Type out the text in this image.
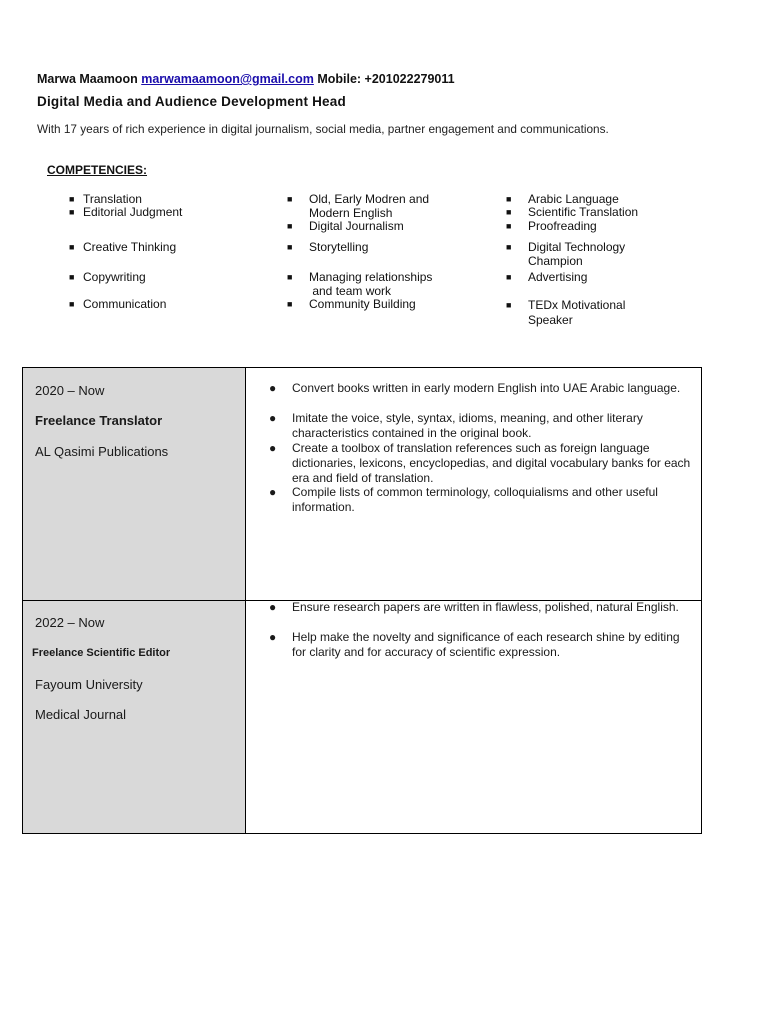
Marwa Maamoon marwamaamoon@gmail.com Mobile: +201022279011
Digital Media and Audience Development Head
With 17 years of rich experience in digital journalism, social media, partner engagement and communications.
COMPETENCIES:
■ Translation
■ Editorial Judgment
■ Creative Thinking
■ Copywriting
■ Communication
■ Old, Early Modren and
Modern English
■ Digital Journalism
■ Storytelling
■ Managing relationships
and team work
■ Community Building
■ Arabic Language
■ Scientific Translation
■ Proofreading
■ Digital Technology
Champion
■ Advertising
■ TEDx Motivational
Speaker
2020 – Now
Freelance Translator
AL Qasimi Publications
● Convert books written in early modern English into UAE Arabic language.
● Imitate the voice, style, syntax, idioms, meaning, and other literary characteristics contained in the original book.
● Create a toolbox of translation references such as foreign language dictionaries, lexicons, encyclopedias, and digital vocabulary banks for each era and field of translation.
● Compile lists of common terminology, colloquialisms and other useful information.
2022 – Now
Freelance Scientific Editor
Fayoum University
Medical Journal
● Ensure research papers are written in flawless, polished, natural English.
● Help make the novelty and significance of each research shine by editing for clarity and for accuracy of scientific expression.
